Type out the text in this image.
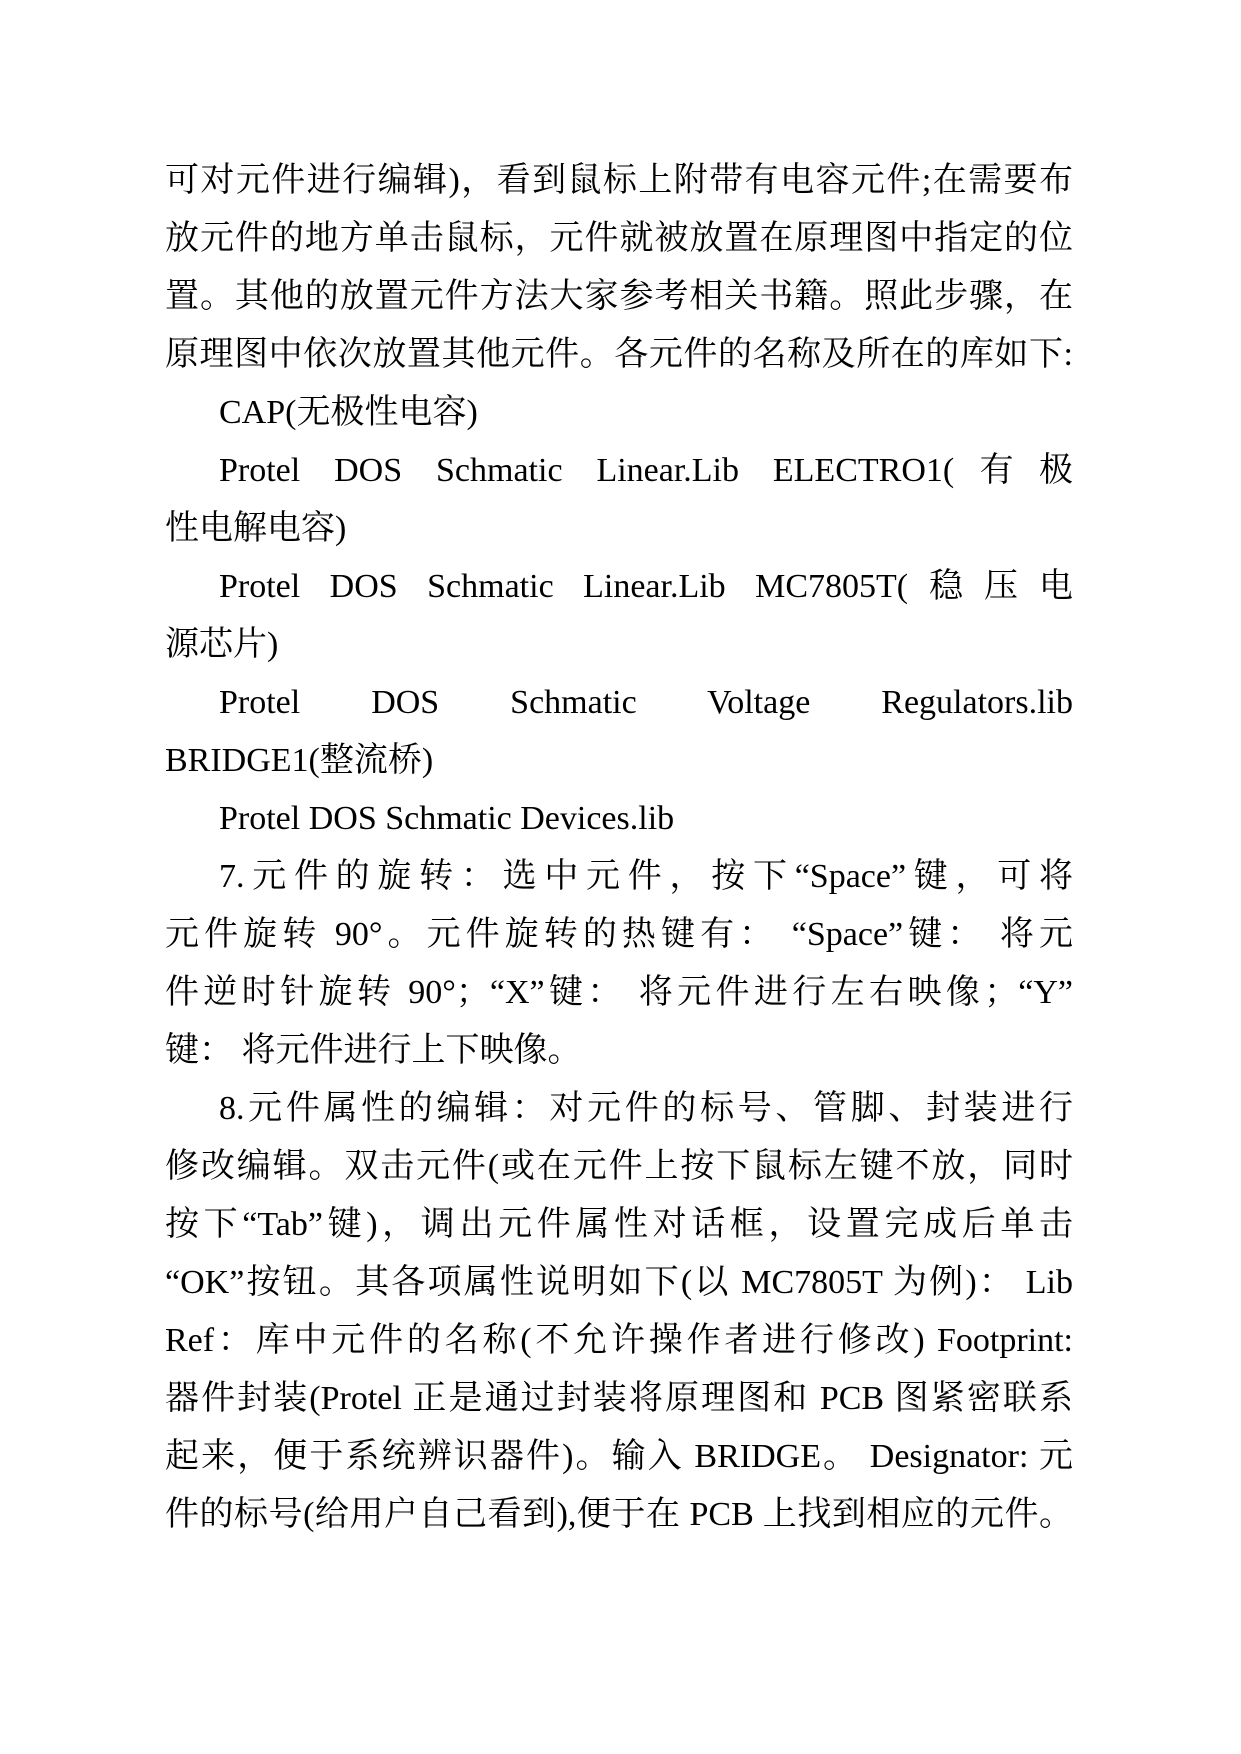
可对元件进行编辑)，看到鼠标上附带有电容元件;在需要布
放元件的地方单击鼠标，元件就被放置在原理图中指定的位
置。其他的放置元件方法大家参考相关书籍。照此步骤，在
原理图中依次放置其他元件。各元件的名称及所在的库如下:
CAP(无极性电容)
Protel DOS Schmatic Linear.Lib ELECTRO1(有极
性电解电容)
Protel DOS Schmatic Linear.Lib MC7805T(稳压电
源芯片)
Protel DOS Schmatic Voltage Regulators.lib
BRIDGE1(整流桥)
Protel DOS Schmatic Devices.lib
7.元件的旋转：选中元件，按下“Space”键，可将
元件旋转 90°。元件旋转的热键有： “Space”键： 将元
件逆时针旋转 90°；“X”键： 将元件进行左右映像；“Y”
键： 将元件进行上下映像。
8.元件属性的编辑：对元件的标号、管脚、封装进行
修改编辑。双击元件(或在元件上按下鼠标左键不放，同时
按下“Tab”键)，调出元件属性对话框，设置完成后单击
“OK”按钮。其各项属性说明如下(以 MC7805T 为例)： Lib
Ref：库中元件的名称(不允许操作者进行修改) Footprint:
器件封装(Protel 正是通过封装将原理图和 PCB 图紧密联系
起来，便于系统辨识器件)。输入 BRIDGE。 Designator: 元
件的标号(给用户自己看到),便于在 PCB 上找到相应的元件。
